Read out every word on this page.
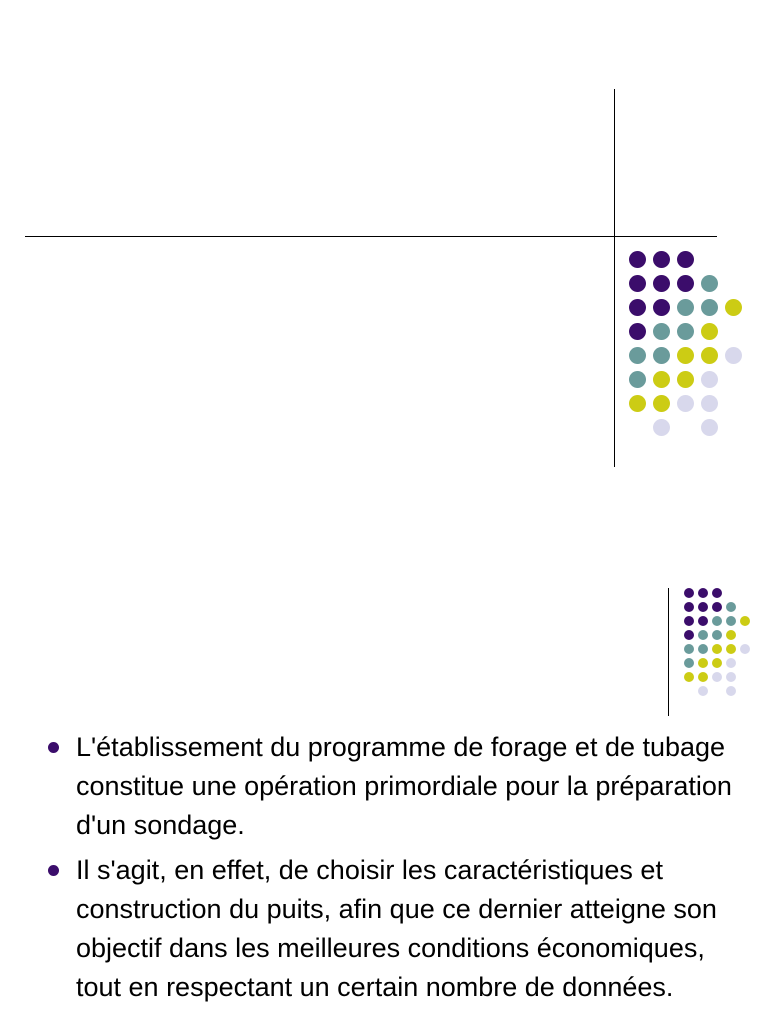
L'établissement du programme de forage et de tubage constitue une opération primordiale pour la préparation d'un sondage.
Il s'agit, en effet, de choisir les caractéristiques et construction du puits, afin que ce dernier atteigne son objectif dans les meilleures conditions économiques, tout en respectant un certain nombre de données.
